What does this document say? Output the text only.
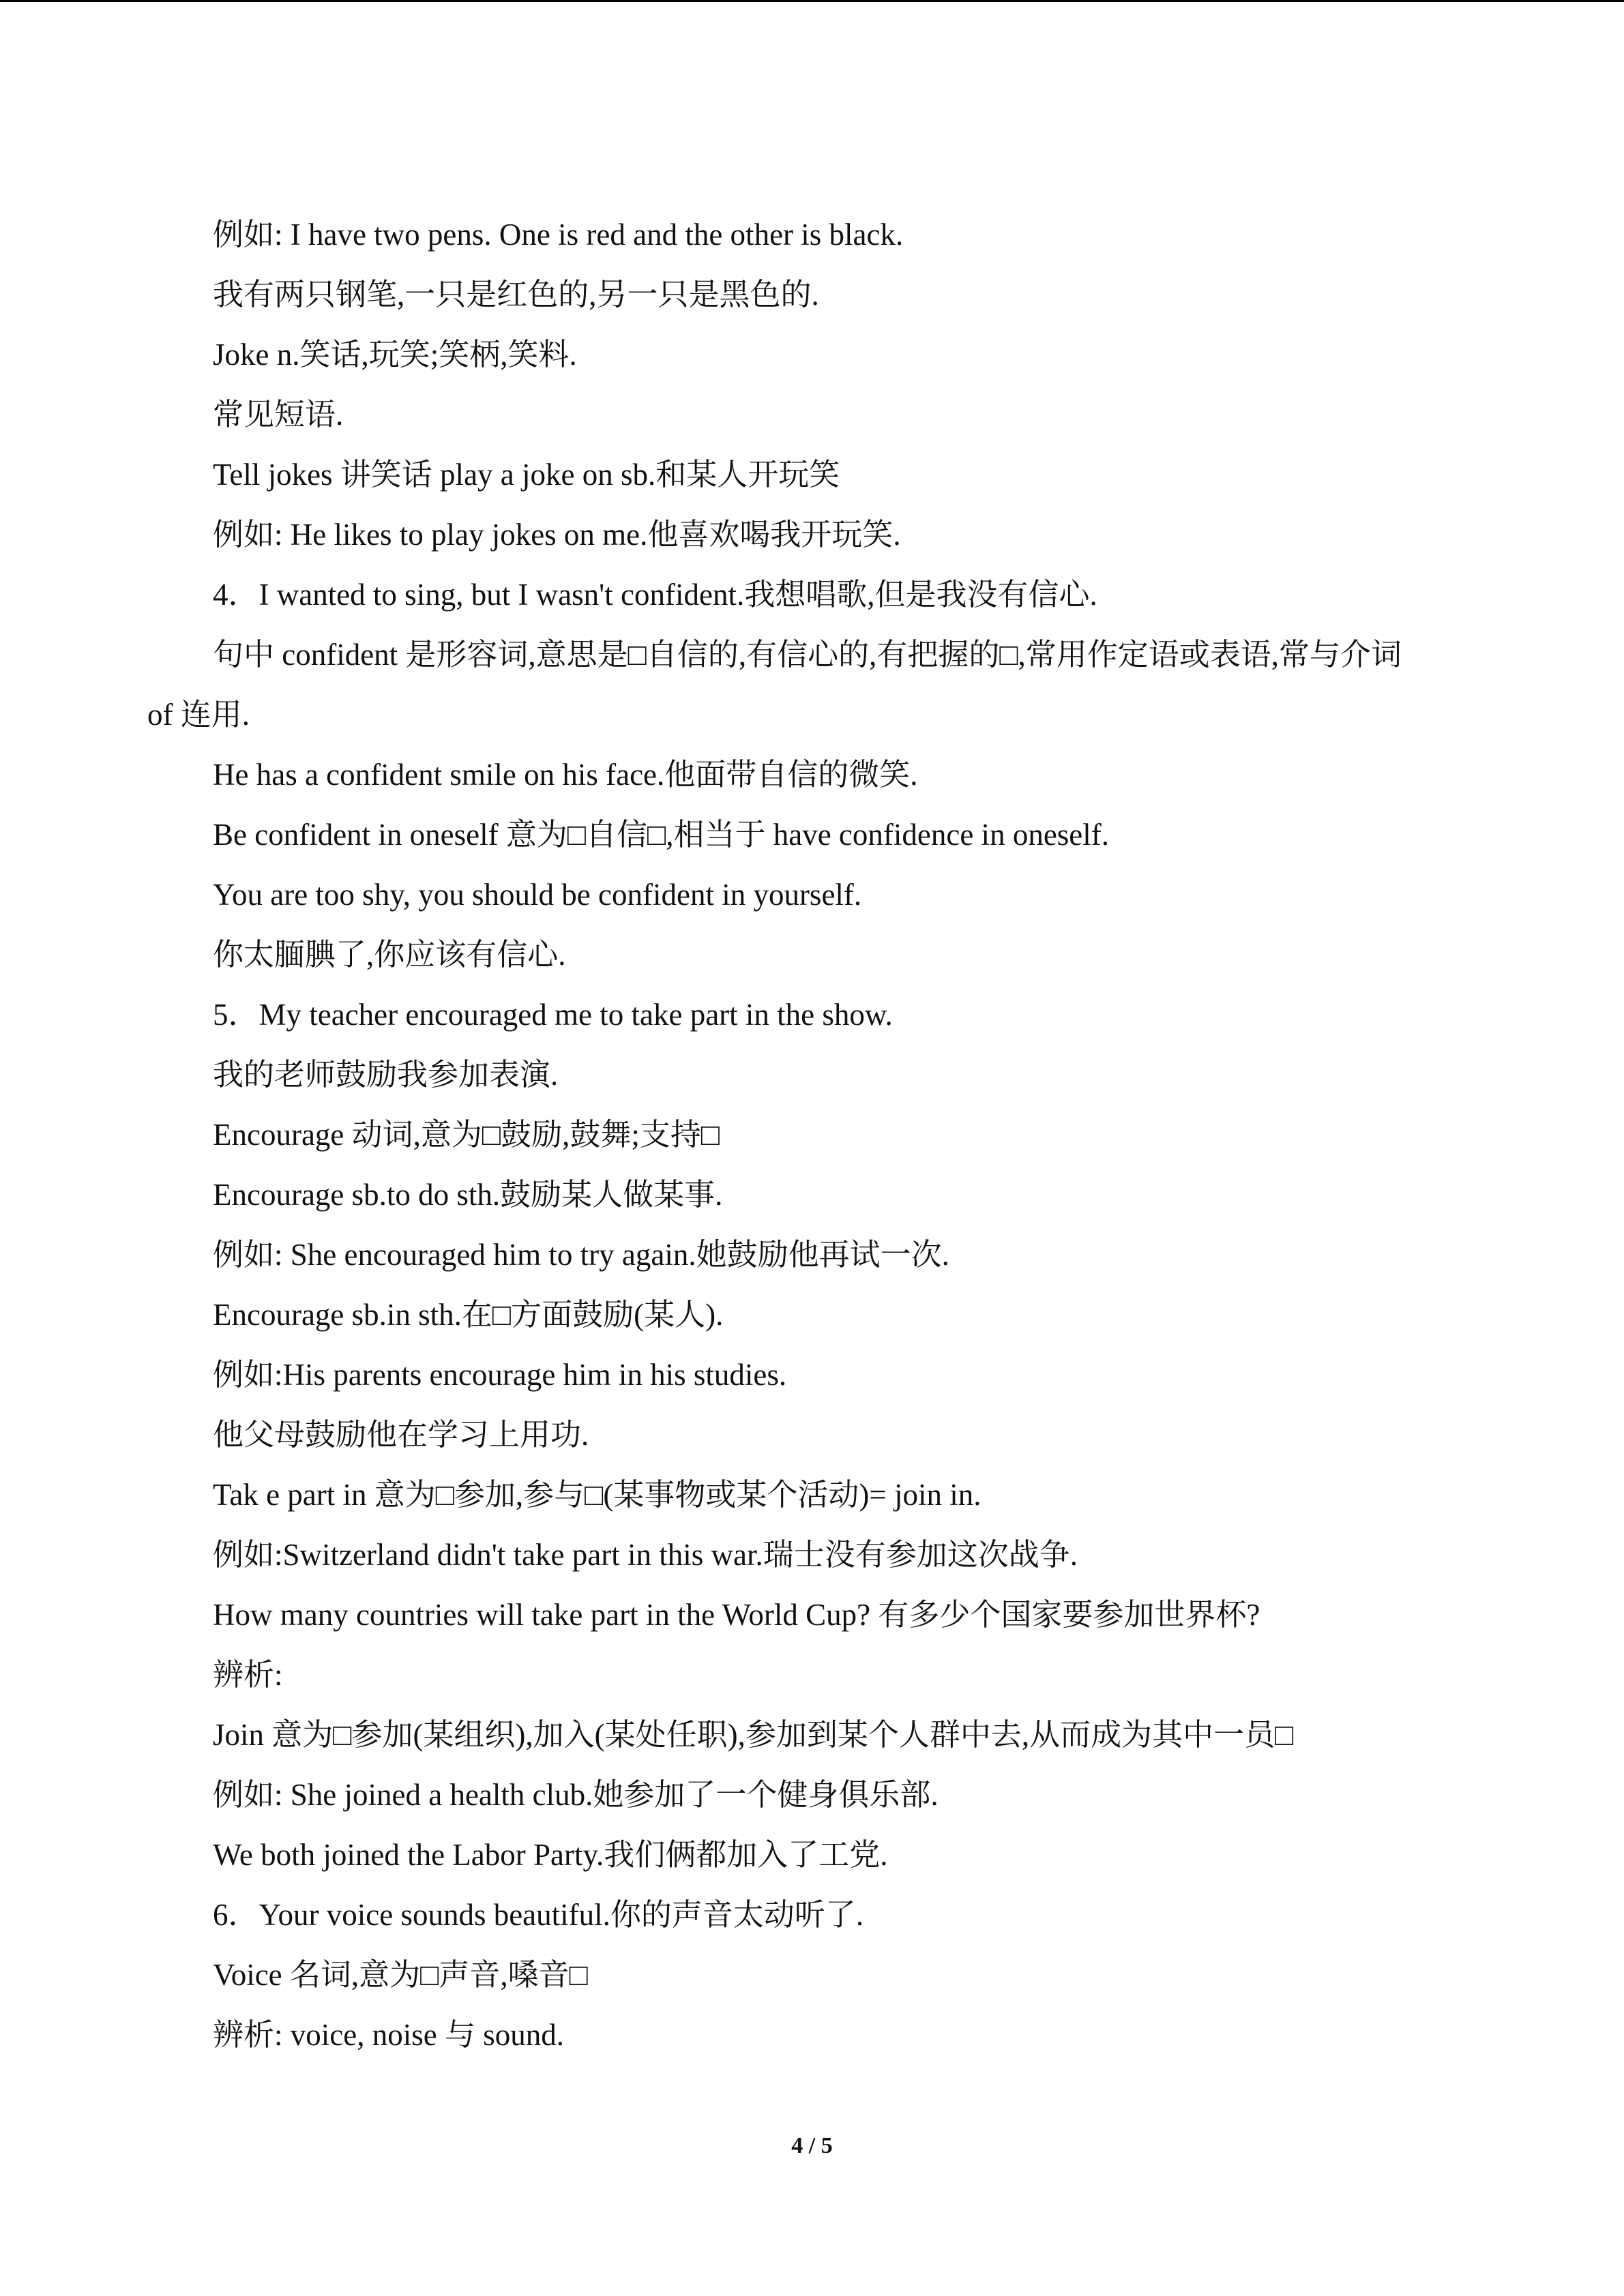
例如: I have two pens. One is red and the other is black.
我有两只钢笔,一只是红色的,另一只是黑色的.
Joke n.笑话,玩笑;笑柄,笑料.
常见短语.
Tell jokes 讲笑话 play a joke on sb.和某人开玩笑
例如: He likes to play jokes on me.他喜欢喝我开玩笑.
4．I wanted to sing, but I wasn't confident.我想唱歌,但是我没有信心.
句中 confident 是形容词,意思是□自信的,有信心的,有把握的□,常用作定语或表语,常与介词
of 连用.
He has a confident smile on his face.他面带自信的微笑.
Be confident in oneself 意为□自信□,相当于 have confidence in oneself.
You are too shy, you should be confident in yourself.
你太腼腆了,你应该有信心.
5．My teacher encouraged me to take part in the show.
我的老师鼓励我参加表演.
Encourage 动词,意为□鼓励,鼓舞;支持□
Encourage sb.to do sth.鼓励某人做某事.
例如: She encouraged him to try again.她鼓励他再试一次.
Encourage sb.in sth.在□方面鼓励(某人).
例如:His parents encourage him in his studies.
他父母鼓励他在学习上用功.
Tak e part in 意为□参加,参与□(某事物或某个活动)= join in.
例如:Switzerland didn't take part in this war.瑞士没有参加这次战争.
How many countries will take part in the World Cup? 有多少个国家要参加世界杯?
辨析:
Join 意为□参加(某组织),加入(某处任职),参加到某个人群中去,从而成为其中一员□
例如: She joined a health club.她参加了一个健身俱乐部.
We both joined the Labor Party.我们俩都加入了工党.
6．Your voice sounds beautiful.你的声音太动听了.
Voice 名词,意为□声音,嗓音□
辨析: voice, noise 与 sound.
4 / 5
